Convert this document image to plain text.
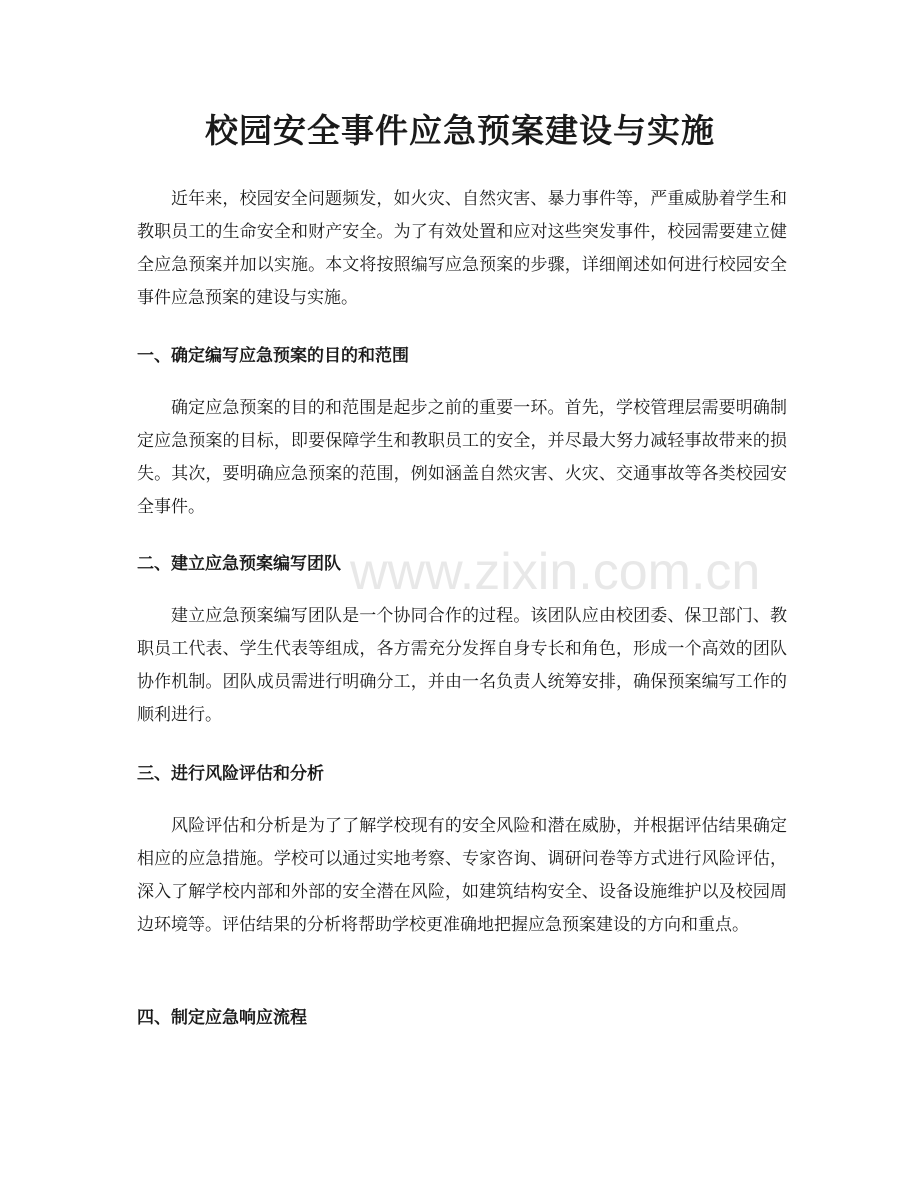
校园安全事件应急预案建设与实施

近年来，校园安全问题频发，如火灾、自然灾害、暴力事件等，严重威胁着学生和教职员工的生命安全和财产安全。为了有效处置和应对这些突发事件，校园需要建立健全应急预案并加以实施。本文将按照编写应急预案的步骤，详细阐述如何进行校园安全事件应急预案的建设与实施。

一、确定编写应急预案的目的和范围

确定应急预案的目的和范围是起步之前的重要一环。首先，学校管理层需要明确制定应急预案的目标，即要保障学生和教职员工的安全，并尽最大努力减轻事故带来的损失。其次，要明确应急预案的范围，例如涵盖自然灾害、火灾、交通事故等各类校园安全事件。

二、建立应急预案编写团队

建立应急预案编写团队是一个协同合作的过程。该团队应由校团委、保卫部门、教职员工代表、学生代表等组成，各方需充分发挥自身专长和角色，形成一个高效的团队协作机制。团队成员需进行明确分工，并由一名负责人统筹安排，确保预案编写工作的顺利进行。

三、进行风险评估和分析

风险评估和分析是为了了解学校现有的安全风险和潜在威胁，并根据评估结果确定相应的应急措施。学校可以通过实地考察、专家咨询、调研问卷等方式进行风险评估，深入了解学校内部和外部的安全潜在风险，如建筑结构安全、设备设施维护以及校园周边环境等。评估结果的分析将帮助学校更准确地把握应急预案建设的方向和重点。

四、制定应急响应流程
www.zixin.com.cn
